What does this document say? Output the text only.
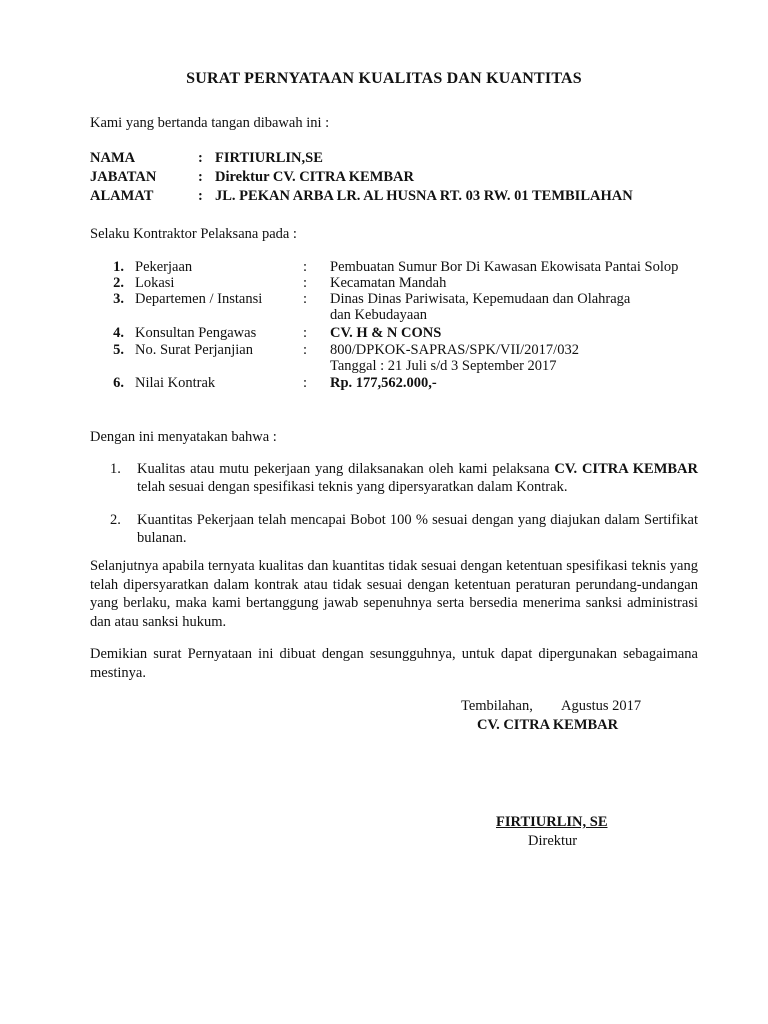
SURAT PERNYATAAN KUALITAS DAN KUANTITAS
Kami yang bertanda tangan dibawah ini :
NAMA	: FIRTIURLIN,SE
JABATAN	: Direktur CV. CITRA KEMBAR
ALAMAT	: JL. PEKAN ARBA LR. AL HUSNA RT. 03 RW. 01 TEMBILAHAN
Selaku Kontraktor Pelaksana pada :
1. Pekerjaan	: Pembuatan Sumur Bor Di Kawasan Ekowisata Pantai Solop
2. Lokasi	: Kecamatan Mandah
3. Departemen / Instansi	: Dinas Dinas Pariwisata, Kepemudaan dan Olahraga
dan Kebudayaan
4. Konsultan Pengawas	: CV. H & N CONS
5. No. Surat Perjanjian	: 800/DPKOK-SAPRAS/SPK/VII/2017/032
Tanggal : 21 Juli s/d 3 September 2017
6. Nilai Kontrak	: Rp. 177,562.000,-
Dengan ini menyatakan bahwa :
1. Kualitas atau mutu pekerjaan yang dilaksanakan oleh kami pelaksana CV. CITRA KEMBAR telah sesuai dengan spesifikasi teknis yang dipersyaratkan dalam Kontrak.
2. Kuantitas Pekerjaan telah mencapai Bobot 100 % sesuai dengan yang diajukan dalam Sertifikat bulanan.
Selanjutnya apabila ternyata kualitas dan kuantitas tidak sesuai dengan ketentuan spesifikasi teknis yang telah dipersyaratkan dalam kontrak atau tidak sesuai dengan ketentuan peraturan perundang-undangan yang berlaku, maka kami bertanggung jawab sepenuhnya serta bersedia menerima sanksi administrasi dan atau sanksi hukum.
Demikian surat Pernyataan ini dibuat dengan sesungguhnya, untuk dapat dipergunakan sebagaimana mestinya.
Tembilahan, Agustus 2017
CV. CITRA KEMBAR
FIRTIURLIN, SE
Direktur
